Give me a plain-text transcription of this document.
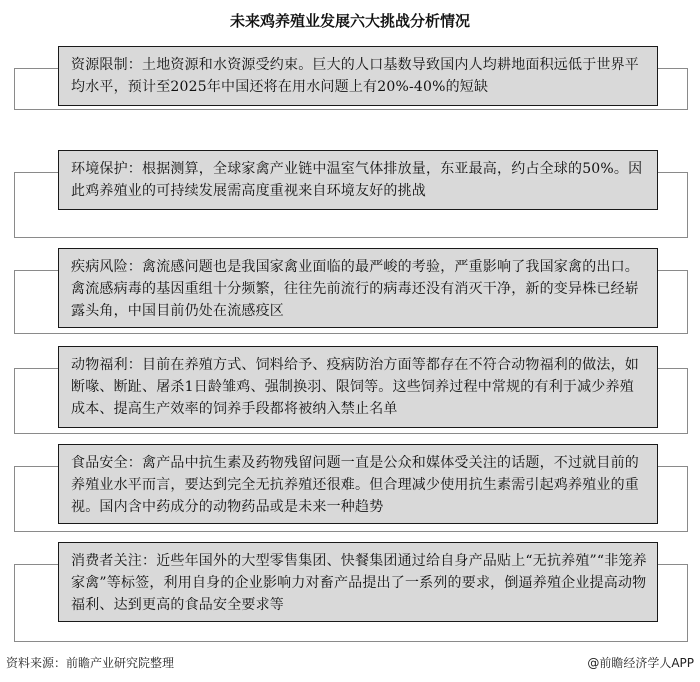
未来鸡养殖业发展六大挑战分析情况
资源限制：土地资源和水资源受约束。巨大的人口基数导致国内人均耕地面积远低于世界平均水平，预计至2025年中国还将在用水问题上有20%-40%的短缺
环境保护：根据测算，全球家禽产业链中温室气体排放量，东亚最高，约占全球的50%。因此鸡养殖业的可持续发展需高度重视来自环境友好的挑战
疾病风险：禽流感问题也是我国家禽业面临的最严峻的考验，严重影响了我国家禽的出口。禽流感病毒的基因重组十分频繁，往往先前流行的病毒还没有消灭干净，新的变异株已经崭露头角，中国目前仍处在流感疫区
动物福利：目前在养殖方式、饲料给予、疫病防治方面等都存在不符合动物福利的做法，如断喙、断趾、屠杀1日龄雏鸡、强制换羽、限饲等。这些饲养过程中常规的有利于减少养殖成本、提高生产效率的饲养手段都将被纳入禁止名单
食品安全：禽产品中抗生素及药物残留问题一直是公众和媒体受关注的话题，不过就目前的养殖业水平而言，要达到完全无抗养殖还很难。但合理减少使用抗生素需引起鸡养殖业的重视。国内含中药成分的动物药品或是未来一种趋势
消费者关注：近些年国外的大型零售集团、快餐集团通过给自身产品贴上“无抗养殖”“非笼养家禽”等标签，利用自身的企业影响力对畜产品提出了一系列的要求，倒逼养殖企业提高动物福利、达到更高的食品安全要求等
资料来源：前瞻产业研究院整理	@前瞻经济学人APP
